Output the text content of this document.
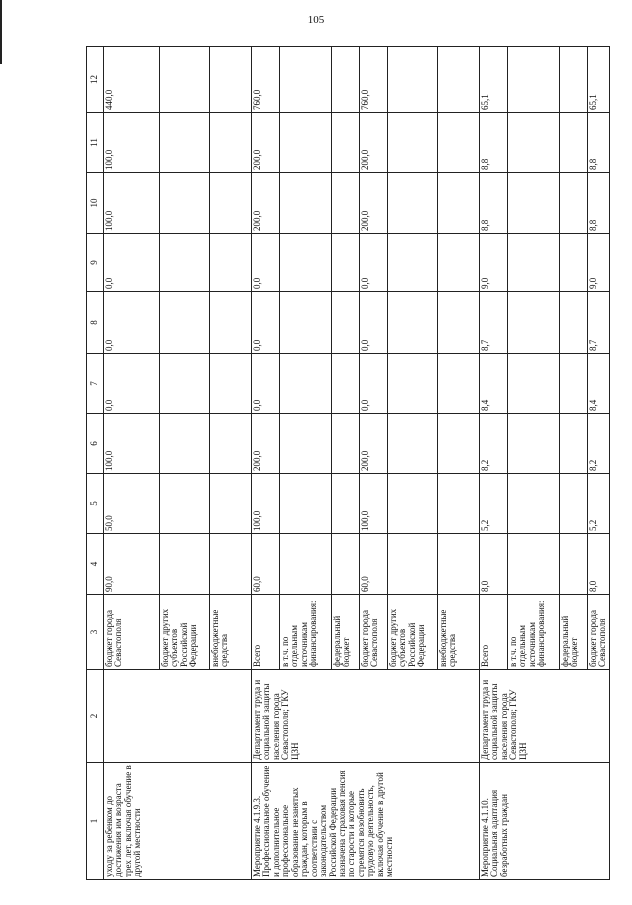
105
1	2	3	4	5	6	7	8	9	10	11	12
уходу за ребенком до достижения им возраста трех лет, включая обучение в другой местности		бюджет города Севастополя	90,0	50,0	100,0	0,0	0,0	0,0	100,0	100,0	440,0
		бюджет других субъектов Российской Федерации									
		внебюджетные средства									
Мероприятие 4.1.9.3. Профессиональное обучение и дополнительное профессиональное образование незанятых граждан, которым в соответствии с законодательством Российской Федерации назначена страховая пенсия по старости и которые стремятся возобновить трудовую деятельность, включая обучение в другой местности	Департамент труда и социальной защиты населения города Севастополя; ГКУ ЦЗН	Всего	60,0	100,0	200,0	0,0	0,0	0,0	200,0	200,0	760,0
		в т.ч. по отдельным источникам финансирования:									
		федеральный бюджет									
		бюджет города Севастополя	60,0	100,0	200,0	0,0	0,0	0,0	200,0	200,0	760,0
		бюджет других субъектов Российской Федерации									
		внебюджетные средства									
Мероприятие 4.1.10. Социальная адаптация безработных граждан	Департамент труда и социальной защиты населения города Севастополя; ГКУ ЦЗН	Всего	8,0	5,2	8,2	8,4	8,7	9,0	8,8	8,8	65,1
		в т.ч. по отдельным источникам финансирования:									
		федеральный бюджет									
		бюджет города Севастополя	8,0	5,2	8,2	8,4	8,7	9,0	8,8	8,8	65,1
